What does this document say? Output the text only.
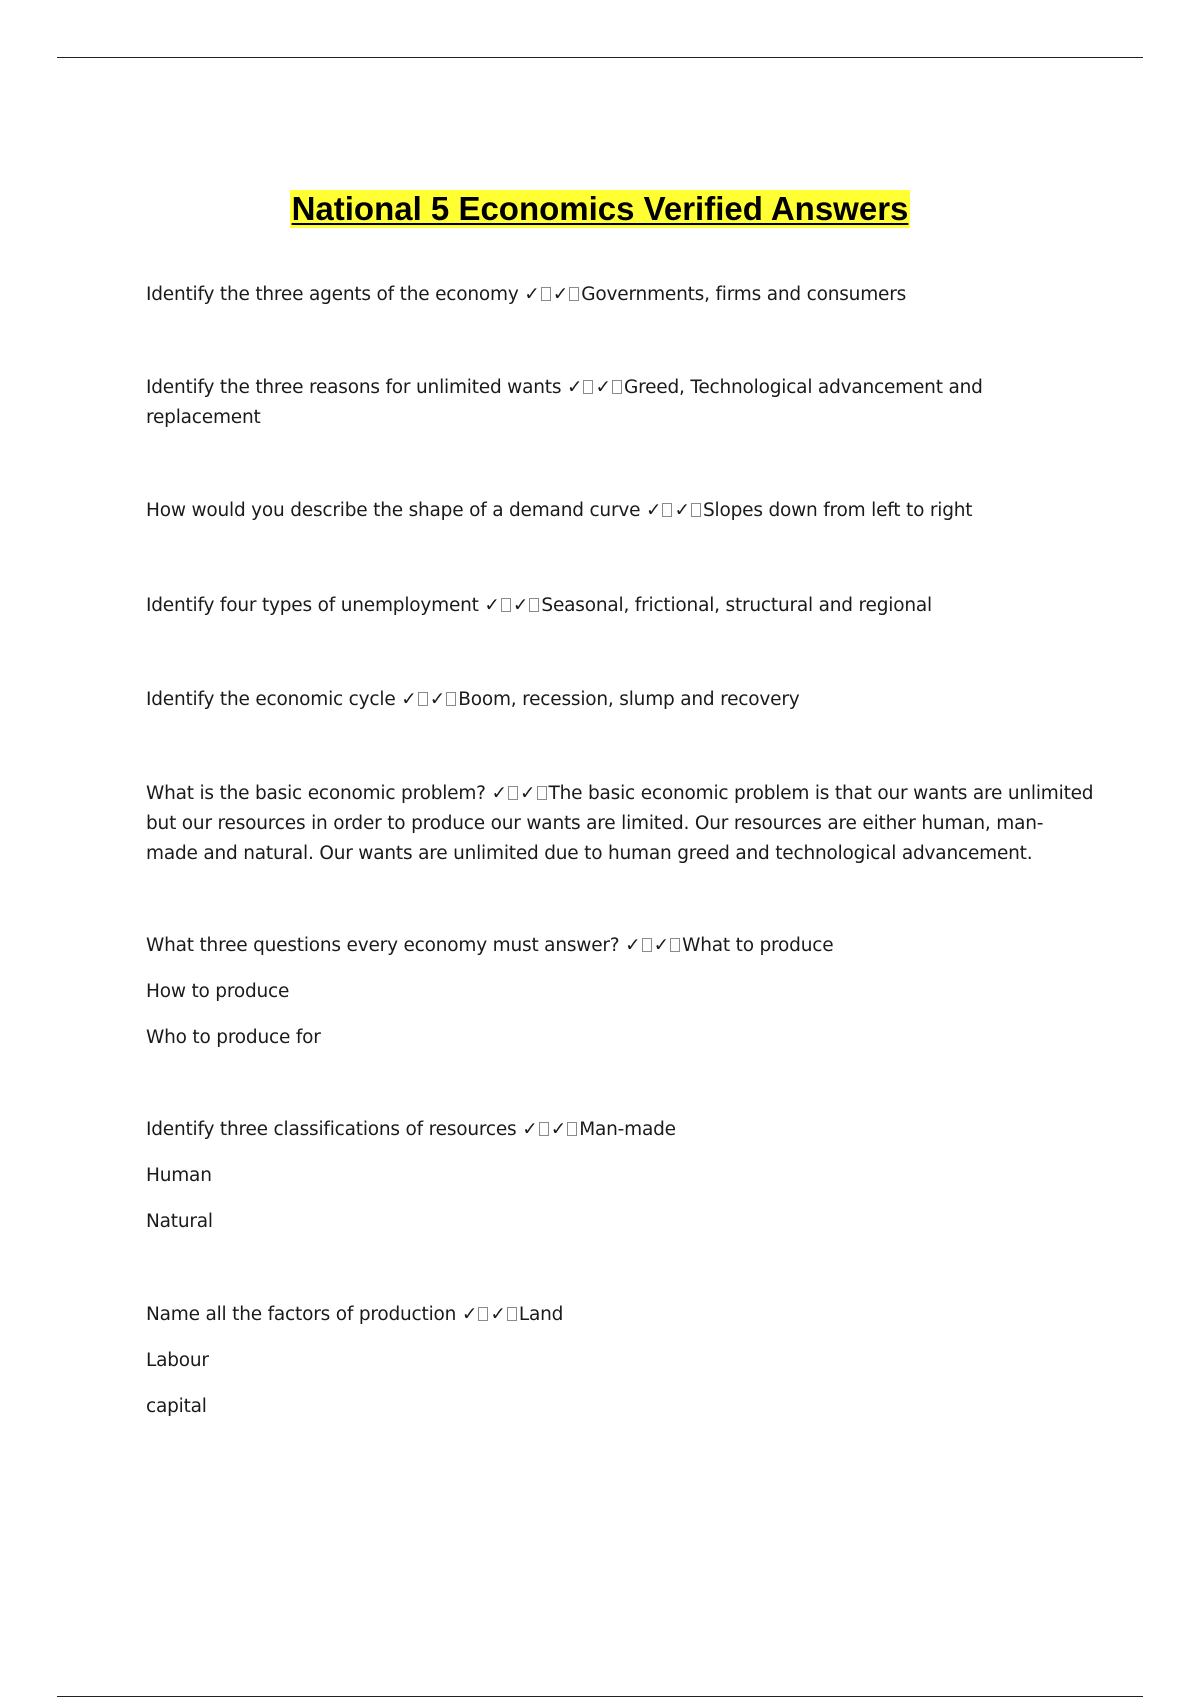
National 5 Economics Verified Answers

Identify the three agents of the economy ✓ ✓ Governments, firms and consumers

Identify the three reasons for unlimited wants ✓ ✓ Greed, Technological advancement and replacement

How would you describe the shape of a demand curve ✓ ✓ Slopes down from left to right

Identify four types of unemployment ✓ ✓ Seasonal, frictional, structural and regional

Identify the economic cycle ✓ ✓ Boom, recession, slump and recovery

What is the basic economic problem? ✓ ✓ The basic economic problem is that our wants are unlimited but our resources in order to produce our wants are limited. Our resources are either human, man- made and natural. Our wants are unlimited due to human greed and technological advancement.

What three questions every economy must answer? ✓ ✓ What to produce

How to produce

Who to produce for

Identify three classifications of resources ✓ ✓ Man-made

Human

Natural

Name all the factors of production ✓ ✓ Land

Labour

capital
